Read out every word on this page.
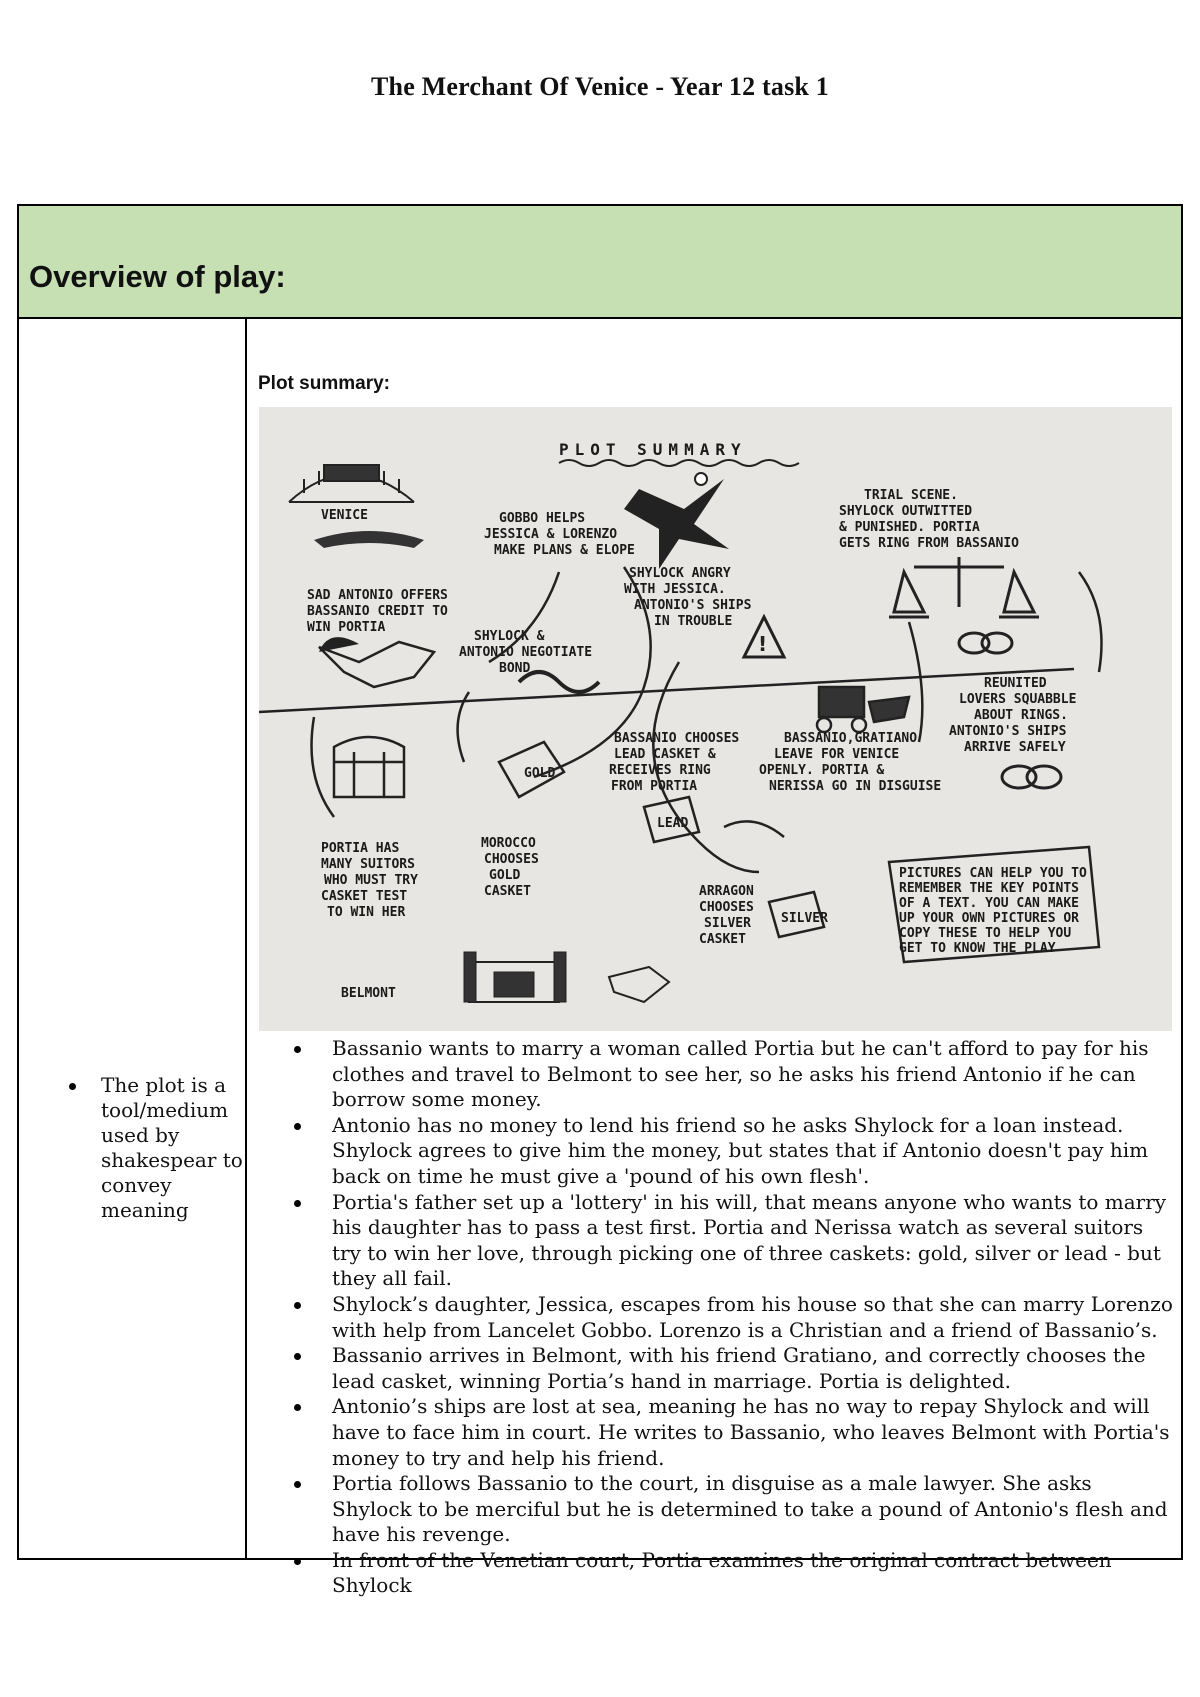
The Merchant Of Venice - Year 12 task 1
Overview of play:
The plot is a tool/medium used by shakespear to convey meaning
Plot summary:
PLOT SUMMARY
VENICE	GOBBO HELPS JESSICA & LORENZO MAKE PLANS & ELOPE
TRIAL SCENE. SHYLOCK OUTWITTED & PUNISHED. PORTIA GETS RING FROM BASSANIO
SAD ANTONIO OFFERS BASSANIO CREDIT TO WIN PORTIA
SHYLOCK ANGRY WITH JESSICA. ANTONIO'S SHIPS IN TROUBLE
SHYLOCK & ANTONIO NEGOTIATE BOND
!
REUNITED LOVERS SQUABBLE ABOUT RINGS. ANTONIO'S SHIPS ARRIVE SAFELY
GOLD
BASSANIO CHOOSES LEAD CASKET & RECEIVES RING FROM PORTIA
BASSANIO,GRATIANO LEAVE FOR VENICE OPENLY. PORTIA & NERISSA GO IN DISGUISE
LEAD
PORTIA HAS MANY SUITORS WHO MUST TRY CASKET TEST TO WIN HER
MOROCCO CHOOSES GOLD CASKET	ARRAGON CHOOSES SILVER CASKET
SILVER
PICTURES CAN HELP YOU TO REMEMBER THE KEY POINTS OF A TEXT. YOU CAN MAKE UP YOUR OWN PICTURES OR COPY THESE TO HELP YOU GET TO KNOW THE PLAY
BELMONT
Bassanio wants to marry a woman called Portia but he can't afford to pay for his clothes and travel to Belmont to see her, so he asks his friend Antonio if he can borrow some money.
Antonio has no money to lend his friend so he asks Shylock for a loan instead. Shylock agrees to give him the money, but states that if Antonio doesn't pay him back on time he must give a 'pound of his own flesh'.
Portia's father set up a 'lottery' in his will, that means anyone who wants to marry his daughter has to pass a test first. Portia and Nerissa watch as several suitors try to win her love, through picking one of three caskets: gold, silver or lead - but they all fail.
Shylock’s daughter, Jessica, escapes from his house so that she can marry Lorenzo with help from Lancelet Gobbo. Lorenzo is a Christian and a friend of Bassanio’s.
Bassanio arrives in Belmont, with his friend Gratiano, and correctly chooses the lead casket, winning Portia’s hand in marriage. Portia is delighted.
Antonio’s ships are lost at sea, meaning he has no way to repay Shylock and will have to face him in court. He writes to Bassanio, who leaves Belmont with Portia's money to try and help his friend.
Portia follows Bassanio to the court, in disguise as a male lawyer. She asks Shylock to be merciful but he is determined to take a pound of Antonio's flesh and have his revenge.
In front of the Venetian court, Portia examines the original contract between Shylock
